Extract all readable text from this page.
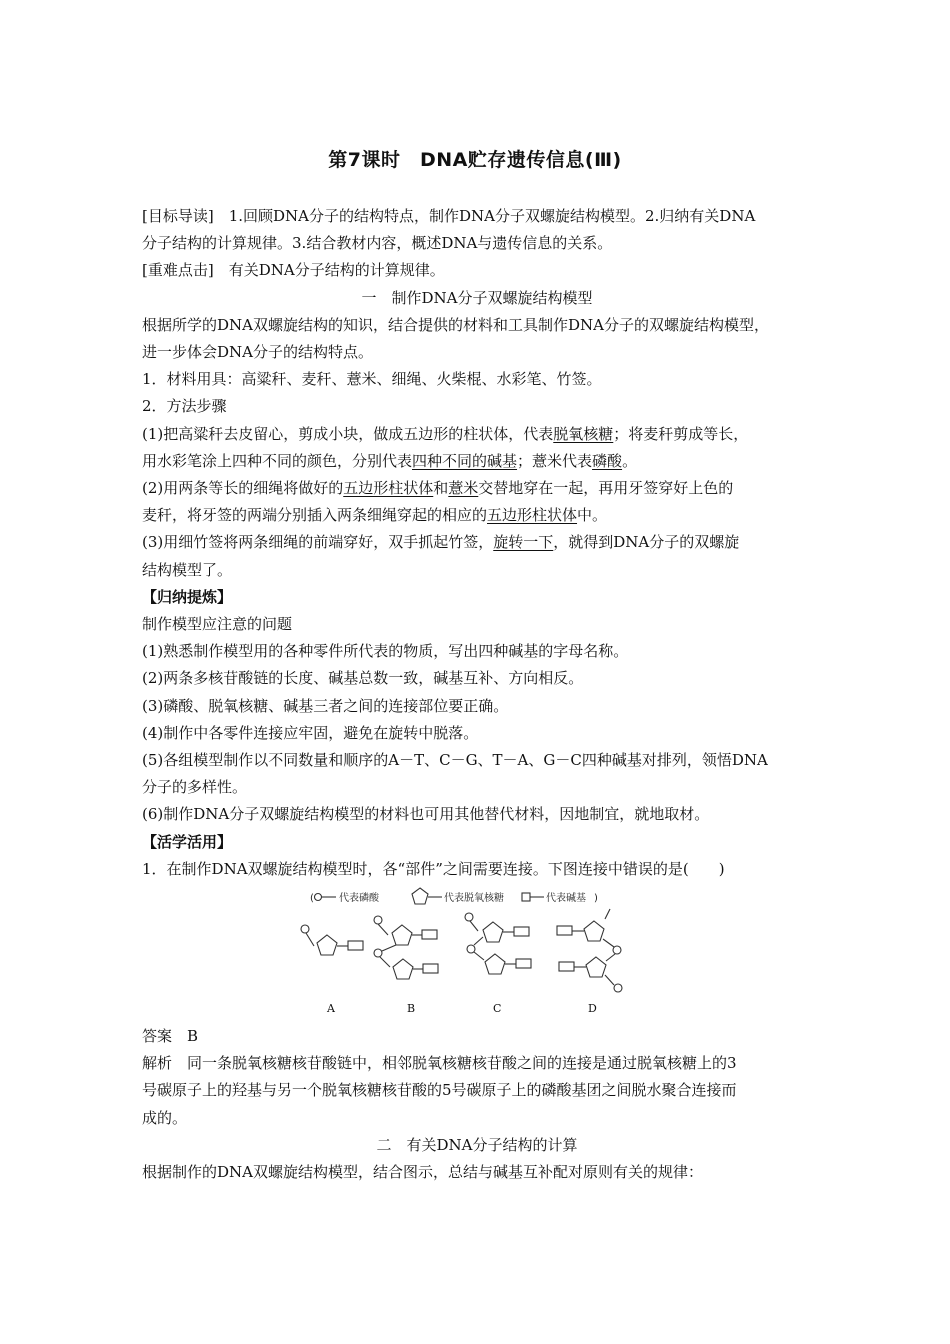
第7课时　DNA贮存遗传信息(Ⅲ)

[目标导读]　1.回顾DNA分子的结构特点，制作DNA分子双螺旋结构模型。2.归纳有关DNA

分子结构的计算规律。3.结合教材内容，概述DNA与遗传信息的关系。

[重难点击]　有关DNA分子结构的计算规律。

一　制作DNA分子双螺旋结构模型

根据所学的DNA双螺旋结构的知识，结合提供的材料和工具制作DNA分子的双螺旋结构模型，

进一步体会DNA分子的结构特点。

1．材料用具：高粱秆、麦秆、薏米、细绳、火柴棍、水彩笔、竹签。

2．方法步骤

(1)把高粱秆去皮留心，剪成小块，做成五边形的柱状体，代表脱氧核糖；将麦秆剪成等长，

用水彩笔涂上四种不同的颜色，分别代表四种不同的碱基；薏米代表磷酸。

(2)用两条等长的细绳将做好的五边形柱状体和薏米交替地穿在一起，再用牙签穿好上色的

麦秆，将牙签的两端分别插入两条细绳穿起的相应的五边形柱状体中。

(3)用细竹签将两条细绳的前端穿好，双手抓起竹签，旋转一下，就得到DNA分子的双螺旋

结构模型了。

【归纳提炼】

制作模型应注意的问题

(1)熟悉制作模型用的各种零件所代表的物质，写出四种碱基的字母名称。

(2)两条多核苷酸链的长度、碱基总数一致，碱基互补、方向相反。

(3)磷酸、脱氧核糖、碱基三者之间的连接部位要正确。

(4)制作中各零件连接应牢固，避免在旋转中脱落。

(5)各组模型制作以不同数量和顺序的A－T、C－G、T－A、G－C四种碱基对排列，领悟DNA

分子的多样性。

(6)制作DNA分子双螺旋结构模型的材料也可用其他替代材料，因地制宜，就地取材。

【活学活用】

1．在制作DNA双螺旋结构模型时，各“部件”之间需要连接。下图连接中错误的是(　　)

(	代表磷酸	代表脱氧核糖	代表碱基 )
A	B	C	D

答案　B

解析　同一条脱氧核糖核苷酸链中，相邻脱氧核糖核苷酸之间的连接是通过脱氧核糖上的3

号碳原子上的羟基与另一个脱氧核糖核苷酸的5号碳原子上的磷酸基团之间脱水聚合连接而

成的。

二　有关DNA分子结构的计算

根据制作的DNA双螺旋结构模型，结合图示，总结与碱基互补配对原则有关的规律：
